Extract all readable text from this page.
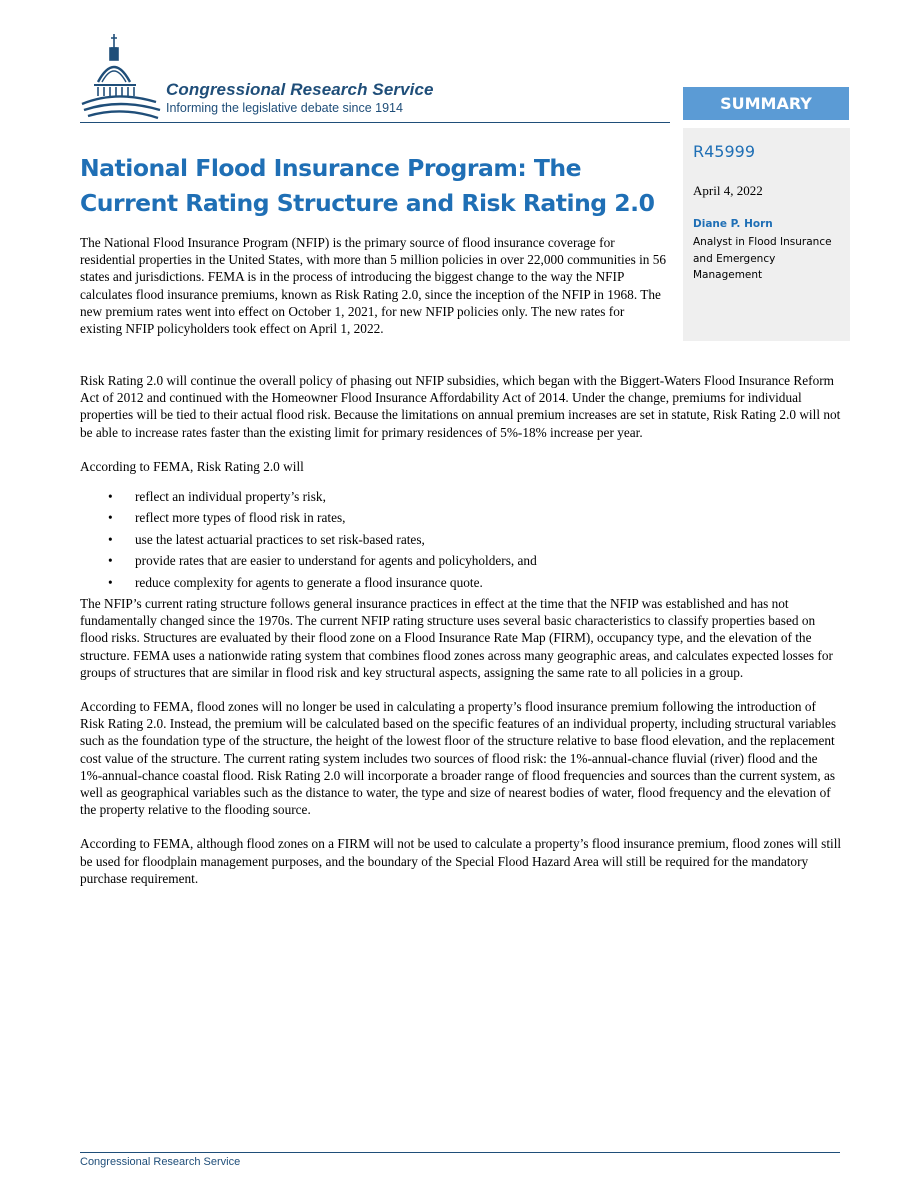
Congressional Research Service
Informing the legislative debate since 1914	SUMMARY
R45999
April 4, 2022
Diane P. Horn
Analyst in Flood Insurance and Emergency Management
National Flood Insurance Program: The Current Rating Structure and Risk Rating 2.0

The National Flood Insurance Program (NFIP) is the primary source of flood insurance coverage for residential properties in the United States, with more than 5 million policies in over 22,000 communities in 56 states and jurisdictions. FEMA is in the process of introducing the biggest change to the way the NFIP calculates flood insurance premiums, known as Risk Rating 2.0, since the inception of the NFIP in 1968. The new premium rates went into effect on October 1, 2021, for new NFIP policies only. The new rates for existing NFIP policyholders took effect on April 1, 2022.

Risk Rating 2.0 will continue the overall policy of phasing out NFIP subsidies, which began with the Biggert-Waters Flood Insurance Reform Act of 2012 and continued with the Homeowner Flood Insurance Affordability Act of 2014. Under the change, premiums for individual properties will be tied to their actual flood risk. Because the limitations on annual premium increases are set in statute, Risk Rating 2.0 will not be able to increase rates faster than the existing limit for primary residences of 5%-18% increase per year.

According to FEMA, Risk Rating 2.0 will

• reflect an individual property’s risk,
• reflect more types of flood risk in rates,
• use the latest actuarial practices to set risk-based rates,
• provide rates that are easier to understand for agents and policyholders, and
• reduce complexity for agents to generate a flood insurance quote.

The NFIP’s current rating structure follows general insurance practices in effect at the time that the NFIP was established and has not fundamentally changed since the 1970s. The current NFIP rating structure uses several basic characteristics to classify properties based on flood risks. Structures are evaluated by their flood zone on a Flood Insurance Rate Map (FIRM), occupancy type, and the elevation of the structure. FEMA uses a nationwide rating system that combines flood zones across many geographic areas, and calculates expected losses for groups of structures that are similar in flood risk and key structural aspects, assigning the same rate to all policies in a group.

According to FEMA, flood zones will no longer be used in calculating a property’s flood insurance premium following the introduction of Risk Rating 2.0. Instead, the premium will be calculated based on the specific features of an individual property, including structural variables such as the foundation type of the structure, the height of the lowest floor of the structure relative to base flood elevation, and the replacement cost value of the structure. The current rating system includes two sources of flood risk: the 1%-annual-chance fluvial (river) flood and the 1%-annual-chance coastal flood. Risk Rating 2.0 will incorporate a broader range of flood frequencies and sources than the current system, as well as geographical variables such as the distance to water, the type and size of nearest bodies of water, flood frequency and the elevation of the property relative to the flooding source.

According to FEMA, although flood zones on a FIRM will not be used to calculate a property’s flood insurance premium, flood zones will still be used for floodplain management purposes, and the boundary of the Special Flood Hazard Area will still be required for the mandatory purchase requirement.

Congressional Research Service
